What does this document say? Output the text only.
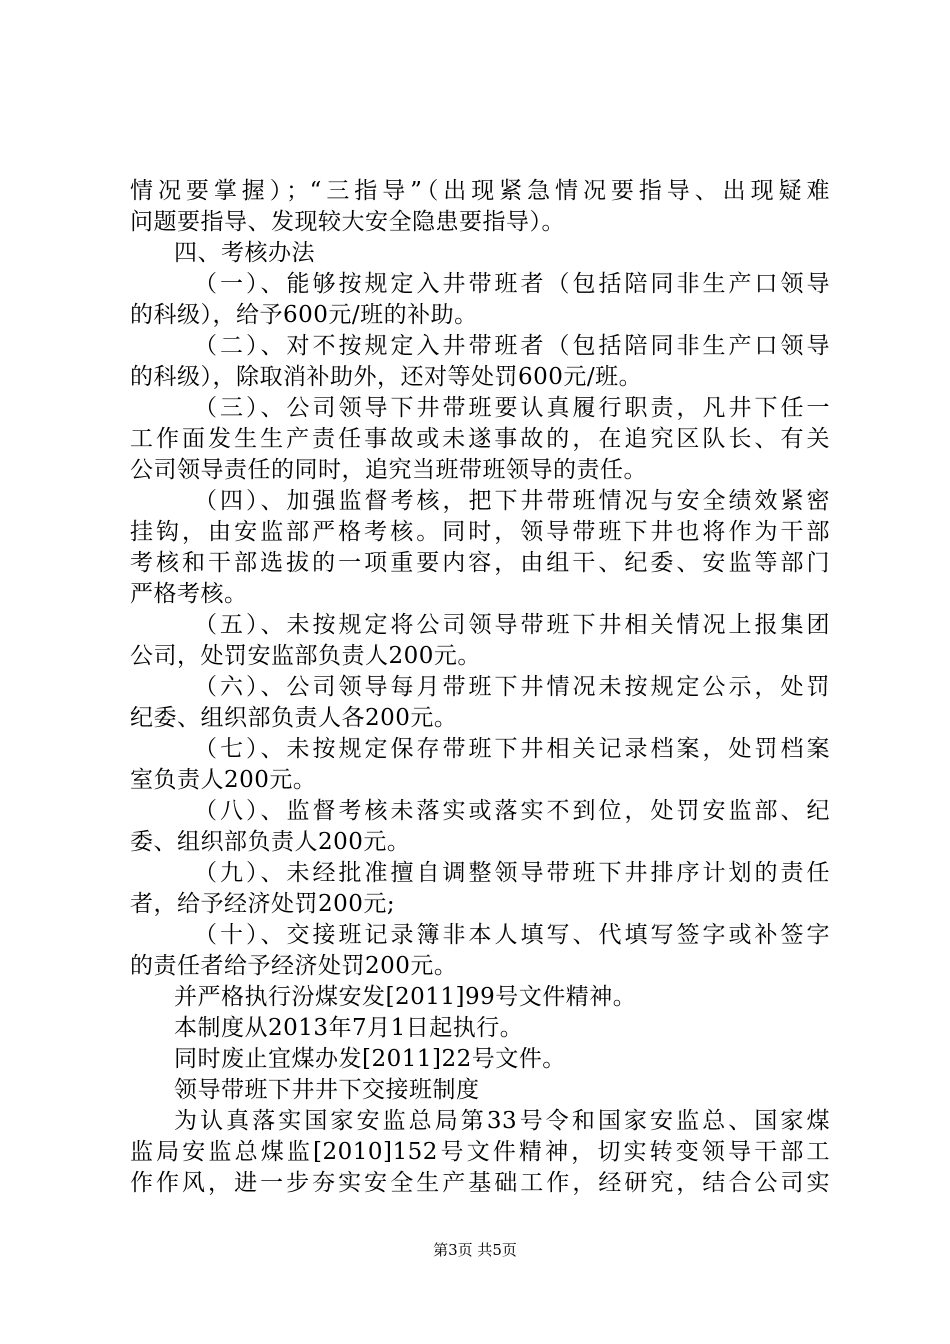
情况要掌握）；“三指导”（出现紧急情况要指导、出现疑难
问题要指导、发现较大安全隐患要指导）。
四、考核办法
（一）、能够按规定入井带班者（包括陪同非生产口领导
的科级），给予600元/班的补助。
（二）、对不按规定入井带班者（包括陪同非生产口领导
的科级），除取消补助外，还对等处罚600元/班。
（三）、公司领导下井带班要认真履行职责，凡井下任一
工作面发生生产责任事故或未遂事故的，在追究区队长、有关
公司领导责任的同时，追究当班带班领导的责任。
（四）、加强监督考核，把下井带班情况与安全绩效紧密
挂钩，由安监部严格考核。同时，领导带班下井也将作为干部
考核和干部选拔的一项重要内容，由组干、纪委、安监等部门
严格考核。
（五）、未按规定将公司领导带班下井相关情况上报集团
公司，处罚安监部负责人200元。
（六）、公司领导每月带班下井情况未按规定公示，处罚
纪委、组织部负责人各200元。
（七）、未按规定保存带班下井相关记录档案，处罚档案
室负责人200元。
（八）、监督考核未落实或落实不到位，处罚安监部、纪
委、组织部负责人200元。
（九）、未经批准擅自调整领导带班下井排序计划的责任
者，给予经济处罚200元;
（十）、交接班记录簿非本人填写、代填写签字或补签字
的责任者给予经济处罚200元。
并严格执行汾煤安发[2011]99号文件精神。
本制度从2013年7月1日起执行。
同时废止宜煤办发[2011]22号文件。
领导带班下井井下交接班制度
为认真落实国家安监总局第33号令和国家安监总、国家煤
监局安监总煤监[2010]152号文件精神，切实转变领导干部工
作作风，进一步夯实安全生产基础工作，经研究，结合公司实
第3页 共5页
